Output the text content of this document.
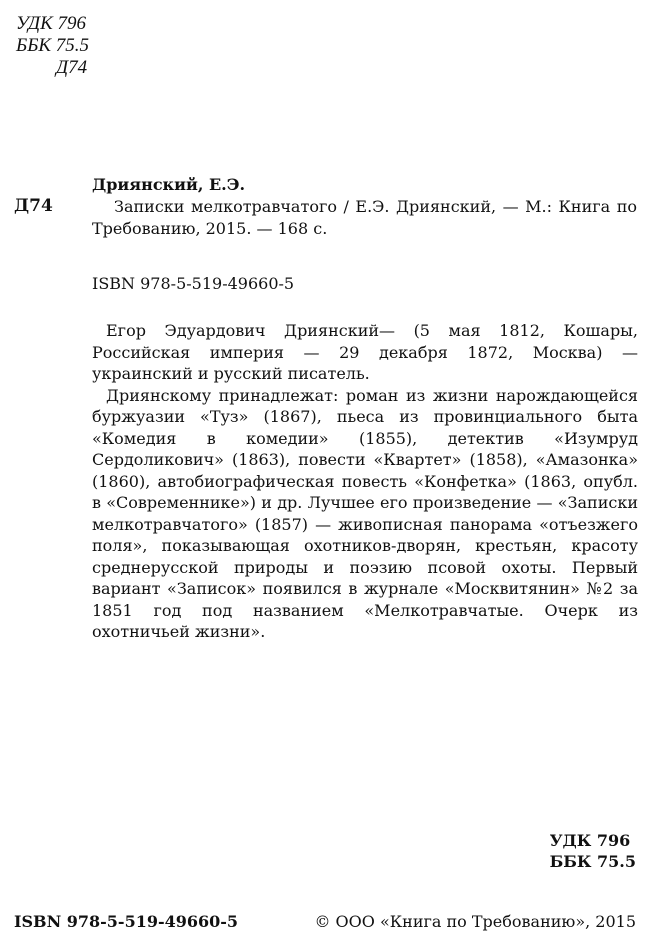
УДК 796
ББК 75.5
Д74
Д74
Дриянский, Е.Э.
Записки мелкотравчатого / Е.Э. Дриянский, — М.: Книга по Требованию, 2015. — 168 с.
ISBN 978-5-519-49660-5

Егор Эдуардович Дриянский— (5 мая 1812, Кошары, Российская империя — 29 декабря 1872, Москва) — украинский и русский писатель.

Дриянскому принадлежат: роман из жизни нарождающейся буржуазии «Туз» (1867), пьеса из провинциального быта «Комедия в комедии» (1855), детектив «Изумруд Сердоликович» (1863), повести «Квартет» (1858), «Амазонка» (1860), автобиографическая повесть «Конфетка» (1863, опубл. в «Современнике») и др. Лучшее его произведение — «Записки мелкотравчатого» (1857) — живописная панорама «отъезжего поля», показывающая охотников-дворян, крестьян, красоту среднерусской природы и поэзию псовой охоты. Первый вариант «Записок» появился в журнале «Москвитянин» №2 за 1851 год под названием «Мелкотравчатые. Очерк из охотничьей жизни».

УДК 796
ББК 75.5
ISBN 978-5-519-49660-5	© ООО «Книга по Требованию», 2015
